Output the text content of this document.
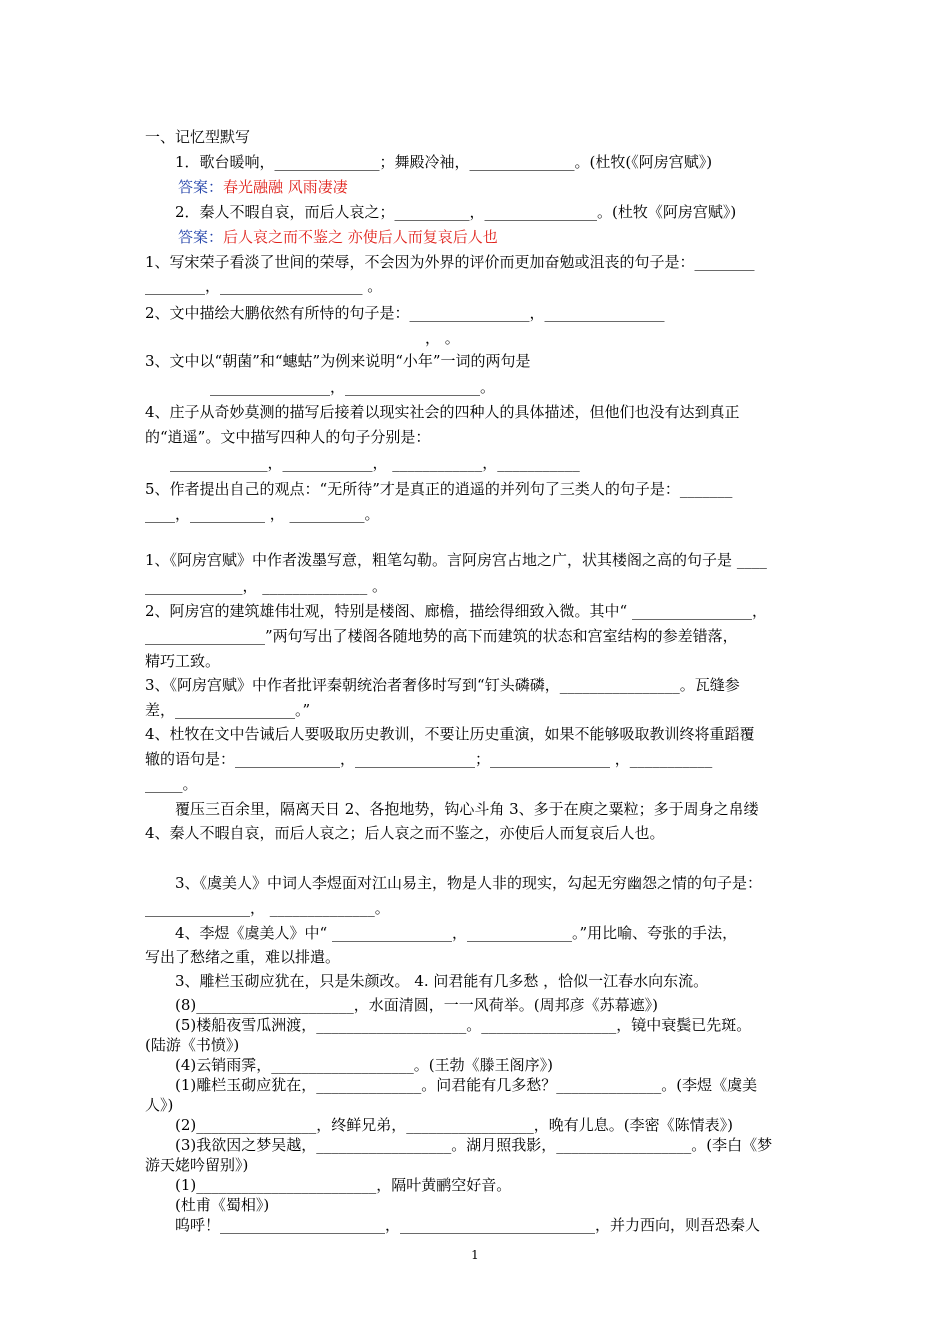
一、记忆型默写
1．歌台暖响，______________；舞殿冷袖，______________。(杜牧(《阿房宫赋》)
答案：春光融融 风雨凄凄
2．秦人不暇自哀，而后人哀之；__________，_______________。(杜牧《阿房宫赋》)
答案：后人哀之而不鉴之 亦使后人而复哀后人也
1、写宋荣子看淡了世间的荣辱，不会因为外界的评价而更加奋勉或沮丧的句子是：________
________，___________________ 。
2、文中描绘大鹏依然有所恃的句子是：________________，________________
， 。
3、文中以“朝菌”和“蟪蛄”为例来说明“小年”一词的两句是
________________，__________________。
4、庄子从奇妙莫测的描写后接着以现实社会的四种人的具体描述，但他们也没有达到真正
的“逍遥”。文中描写四种人的句子分别是：
_____________，____________， ____________，___________
5、作者提出自己的观点：“无所待”才是真正的逍遥的并列句了三类人的句子是：_______
____，__________ ， __________。
1、《阿房宫赋》中作者泼墨写意，粗笔勾勒。言阿房宫占地之广，状其楼阁之高的句子是 ____
_____________， ______________ 。
2、阿房宫的建筑雄伟壮观，特别是楼阁、廊檐，描绘得细致入微。其中“ ________________，
________________”两句写出了楼阁各随地势的高下而建筑的状态和宫室结构的参差错落，
精巧工致。
3、《阿房宫赋》中作者批评秦朝统治者奢侈时写到“钉头磷磷，________________。瓦缝参
差，________________。”
4、杜牧在文中告诫后人要吸取历史教训，不要让历史重演，如果不能够吸取教训终将重蹈覆
辙的语句是：______________，________________；________________ ，___________
_____。
覆压三百余里，隔离天日 2、各抱地势，钩心斗角 3、多于在庾之粟粒；多于周身之帛缕
4、秦人不暇自哀，而后人哀之；后人哀之而不鉴之，亦使后人而复哀后人也。
3、《虞美人》中词人李煜面对江山易主，物是人非的现实，勾起无穷幽怨之情的句子是：
______________， ______________。
4、李煜《虞美人》中“ ________________，______________。”用比喻、夸张的手法，
写出了愁绪之重，难以排遣。
3、雕栏玉砌应犹在，只是朱颜改。 4. 问君能有几多愁 ，恰似一江春水向东流。
(8)_____________________，水面清圆，一一风荷举。(周邦彦《苏幕遮》)
(5)楼船夜雪瓜洲渡，____________________。__________________，镜中衰鬓已先斑。
(陆游《书愤》)
(4)云销雨霁，___________________。(王勃《滕王阁序》)
(1)雕栏玉砌应犹在，______________。问君能有几多愁？______________。(李煜《虞美
人》)
(2)________________，终鲜兄弟，_________________，晚有儿息。(李密《陈情表》)
(3)我欲因之梦吴越，__________________。湖月照我影，__________________。(李白《梦
游天姥吟留别》)
(1)________________________，隔叶黄鹂空好音。
(杜甫《蜀相》)
呜呼！______________________，__________________________，并力西向，则吾恐秦人
1
